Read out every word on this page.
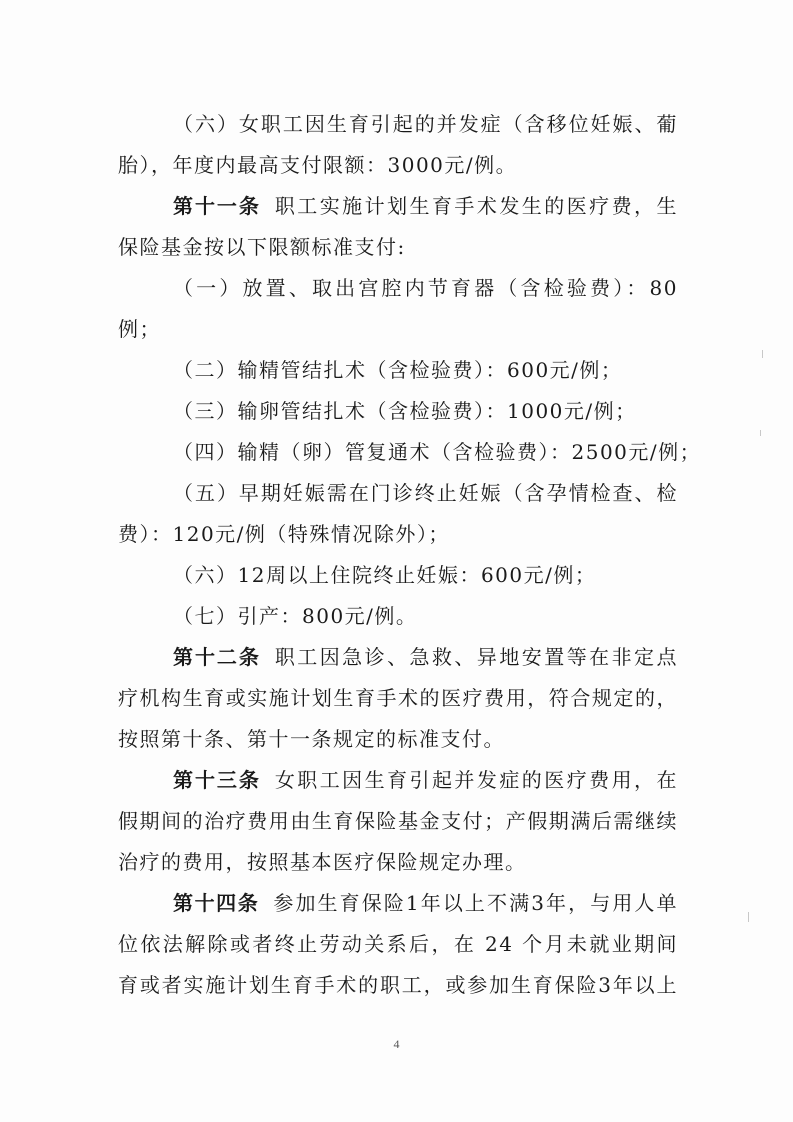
（六）女职工因生育引起的并发症（含移位妊娠、葡
胎），年度内最高支付限额：3000元/例。
第十一条 职工实施计划生育手术发生的医疗费，生
保险基金按以下限额标准支付:
（一）放置、取出宫腔内节育器（含检验费）：80
例；
（二）输精管结扎术（含检验费）：600元/例；
（三）输卵管结扎术（含检验费）：1000元/例；
（四）输精（卵）管复通术（含检验费）：2500元/例；
（五）早期妊娠需在门诊终止妊娠（含孕情检查、检
费）：120元/例（特殊情况除外）；
（六）12周以上住院终止妊娠：600元/例；
（七）引产：800元/例。
第十二条 职工因急诊、急救、异地安置等在非定点
疗机构生育或实施计划生育手术的医疗费用，符合规定的，
按照第十条、第十一条规定的标准支付。
第十三条 女职工因生育引起并发症的医疗费用，在
假期间的治疗费用由生育保险基金支付；产假期满后需继续
治疗的费用，按照基本医疗保险规定办理。
第十四条 参加生育保险1年以上不满3年，与用人单
位依法解除或者终止劳动关系后，在 24 个月未就业期间
育或者实施计划生育手术的职工，或参加生育保险3年以上
4
